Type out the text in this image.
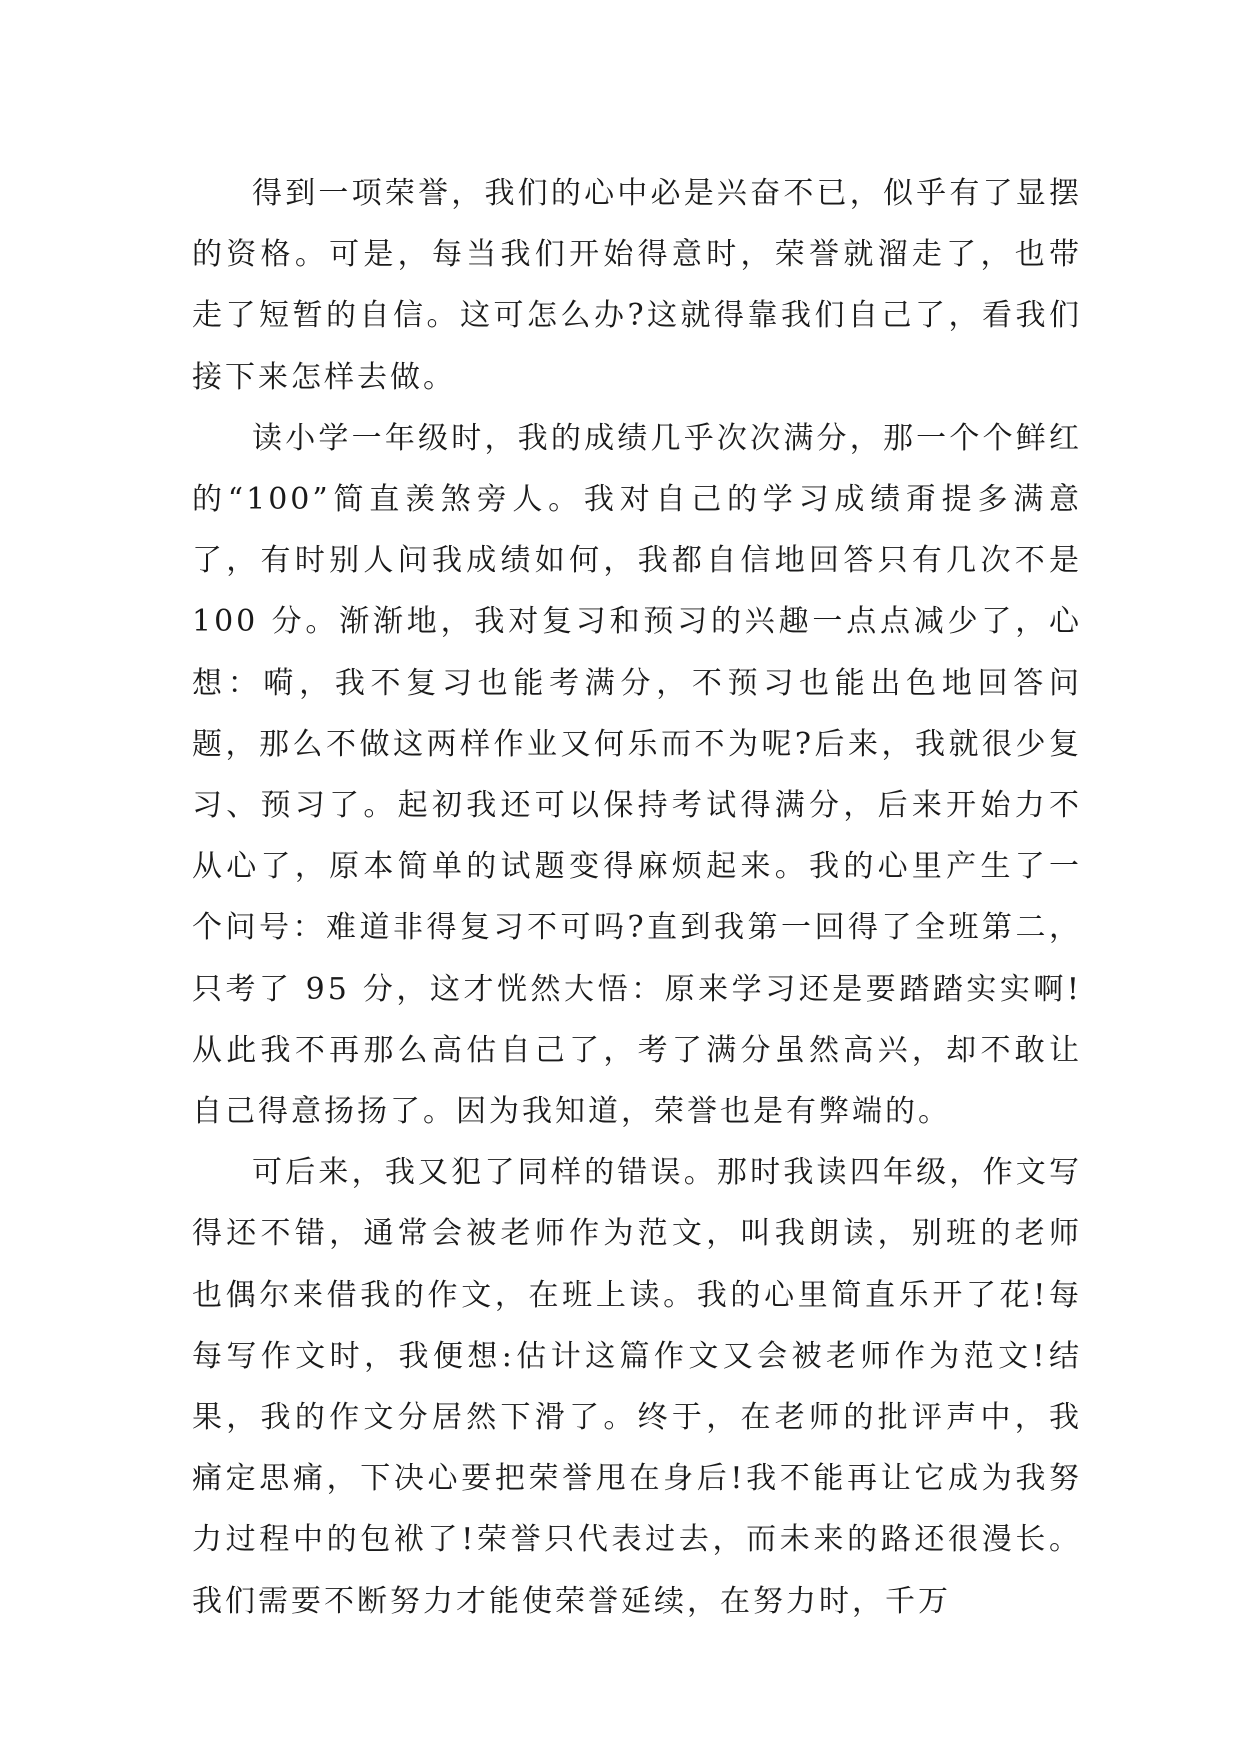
得到一项荣誉，我们的心中必是兴奋不已，似乎有了显摆的资格。可是，每当我们开始得意时，荣誉就溜走了，也带走了短暂的自信。这可怎么办?这就得靠我们自己了，看我们接下来怎样去做。

读小学一年级时，我的成绩几乎次次满分，那一个个鲜红的“100”简直羡煞旁人。我对自己的学习成绩甭提多满意了，有时别人问我成绩如何，我都自信地回答只有几次不是 100 分。渐渐地，我对复习和预习的兴趣一点点减少了，心想：嗬，我不复习也能考满分，不预习也能出色地回答问题，那么不做这两样作业又何乐而不为呢?后来，我就很少复习、预习了。起初我还可以保持考试得满分，后来开始力不从心了，原本简单的试题变得麻烦起来。我的心里产生了一个问号：难道非得复习不可吗?直到我第一回得了全班第二，只考了 95 分，这才恍然大悟：原来学习还是要踏踏实实啊!从此我不再那么高估自己了，考了满分虽然高兴，却不敢让自己得意扬扬了。因为我知道，荣誉也是有弊端的。

可后来，我又犯了同样的错误。那时我读四年级，作文写得还不错，通常会被老师作为范文，叫我朗读，别班的老师也偶尔来借我的作文，在班上读。我的心里简直乐开了花!每每写作文时，我便想:估计这篇作文又会被老师作为范文!结果，我的作文分居然下滑了。终于，在老师的批评声中，我痛定思痛，下决心要把荣誉甩在身后!我不能再让它成为我努力过程中的包袱了!荣誉只代表过去，而未来的路还很漫长。我们需要不断努力才能使荣誉延续，在努力时，千万
